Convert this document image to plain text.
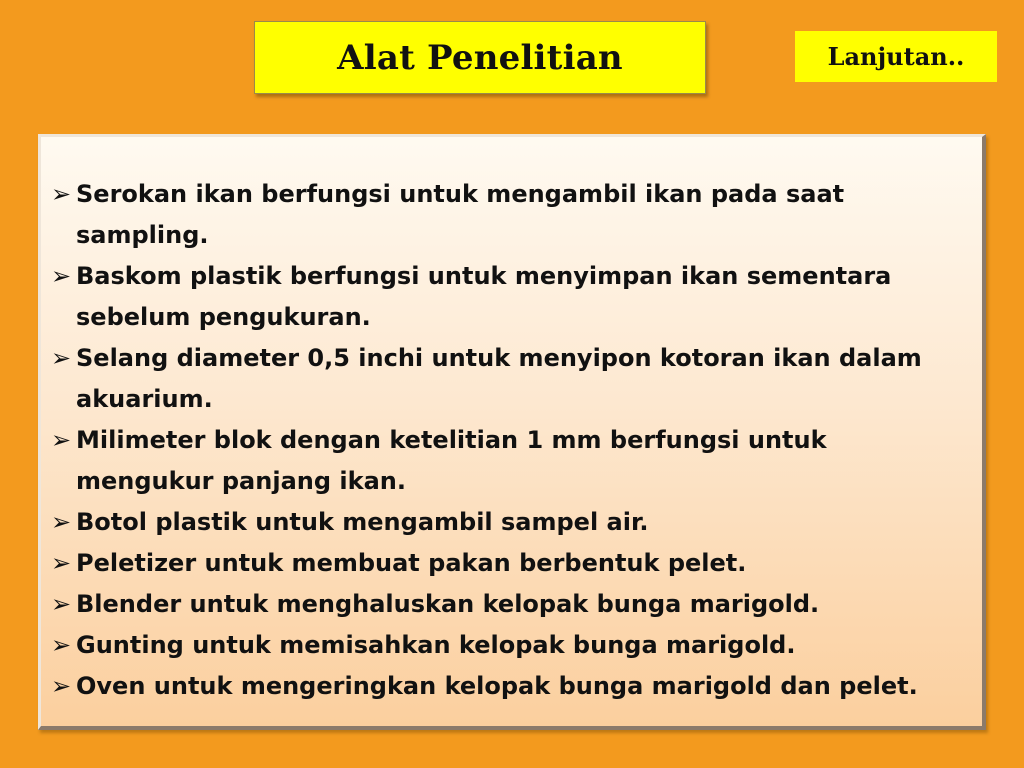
Alat Penelitian	Lanjutan..
➢ Serokan ikan berfungsi untuk mengambil ikan pada saat sampling.
➢ Baskom plastik berfungsi untuk menyimpan ikan sementara sebelum pengukuran.
➢ Selang diameter 0,5 inchi untuk menyipon kotoran ikan dalam akuarium.
➢ Milimeter blok dengan ketelitian 1 mm berfungsi untuk mengukur panjang ikan.
➢ Botol plastik untuk mengambil sampel air.
➢ Peletizer untuk membuat pakan berbentuk pelet.
➢ Blender untuk menghaluskan kelopak bunga marigold.
➢ Gunting untuk memisahkan kelopak bunga marigold.
➢ Oven untuk mengeringkan kelopak bunga marigold dan pelet.
